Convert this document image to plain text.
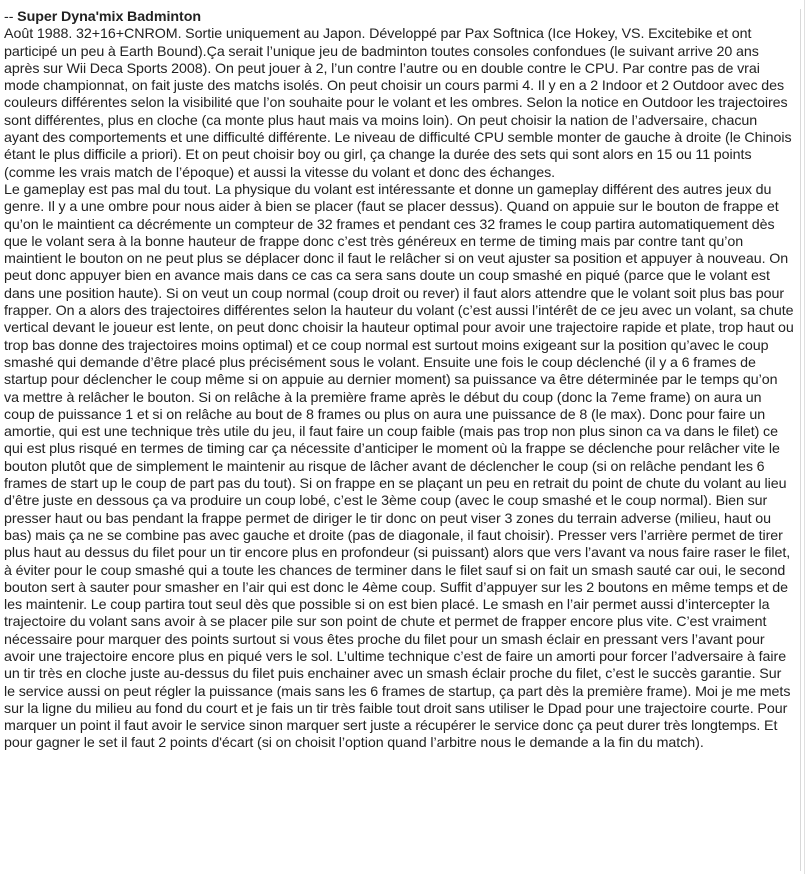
-- Super Dyna'mix Badminton

Août 1988. 32+16+CNROM. Sortie uniquement au Japon. Développé par Pax Softnica (Ice Hokey, VS. Excitebike et ont participé un peu à Earth Bound).Ça serait l’unique jeu de badminton toutes consoles confondues (le suivant arrive 20 ans après sur Wii Deca Sports 2008). On peut jouer à 2, l’un contre l’autre ou en double contre le CPU. Par contre pas de vrai mode championnat, on fait juste des matchs isolés. On peut choisir un cours parmi 4. Il y en a 2 Indoor et 2 Outdoor avec des couleurs différentes selon la visibilité que l’on souhaite pour le volant et les ombres. Selon la notice en Outdoor les trajectoires sont différentes, plus en cloche (ca monte plus haut mais va moins loin). On peut choisir la nation de l’adversaire, chacun ayant des comportements et une difficulté différente. Le niveau de difficulté CPU semble monter de gauche à droite (le Chinois étant le plus difficile a priori). Et on peut choisir boy ou girl, ça change la durée des sets qui sont alors en 15 ou 11 points (comme les vrais match de l’époque) et aussi la vitesse du volant et donc des échanges.

Le gameplay est pas mal du tout. La physique du volant est intéressante et donne un gameplay différent des autres jeux du genre. Il y a une ombre pour nous aider à bien se placer (faut se placer dessus). Quand on appuie sur le bouton de frappe et qu’on le maintient ca décrémente un compteur de 32 frames et pendant ces 32 frames le coup partira automatiquement dès que le volant sera à la bonne hauteur de frappe donc c’est très généreux en terme de timing mais par contre tant qu’on maintient le bouton on ne peut plus se déplacer donc il faut le relâcher si on veut ajuster sa position et appuyer à nouveau. On peut donc appuyer bien en avance mais dans ce cas ca sera sans doute un coup smashé en piqué (parce que le volant est dans une position haute). Si on veut un coup normal (coup droit ou rever) il faut alors attendre que le volant soit plus bas pour frapper. On a alors des trajectoires différentes selon la hauteur du volant (c’est aussi l’intérêt de ce jeu avec un volant, sa chute vertical devant le joueur est lente, on peut donc choisir la hauteur optimal pour avoir une trajectoire rapide et plate, trop haut ou trop bas donne des trajectoires moins optimal) et ce coup normal est surtout moins exigeant sur la position qu’avec le coup smashé qui demande d’être placé plus précisément sous le volant. Ensuite une fois le coup déclenché (il y a 6 frames de startup pour déclencher le coup même si on appuie au dernier moment) sa puissance va être déterminée par le temps qu’on va mettre à relâcher le bouton. Si on relâche à la première frame après le début du coup (donc la 7eme frame) on aura un coup de puissance 1 et si on relâche au bout de 8 frames ou plus on aura une puissance de 8 (le max). Donc pour faire un amortie, qui est une technique très utile du jeu, il faut faire un coup faible (mais pas trop non plus sinon ca va dans le filet) ce qui est plus risqué en termes de timing car ça nécessite d’anticiper le moment où la frappe se déclenche pour relâcher vite le bouton plutôt que de simplement le maintenir au risque de lâcher avant de déclencher le coup (si on relâche pendant les 6 frames de start up le coup de part pas du tout). Si on frappe en se plaçant un peu en retrait du point de chute du volant au lieu d’être juste en dessous ça va produire un coup lobé, c’est le 3ème coup (avec le coup smashé et le coup normal). Bien sur presser haut ou bas pendant la frappe permet de diriger le tir donc on peut viser 3 zones du terrain adverse (milieu, haut ou bas) mais ça ne se combine pas avec gauche et droite (pas de diagonale, il faut choisir). Presser vers l’arrière permet de tirer plus haut au dessus du filet pour un tir encore plus en profondeur (si puissant) alors que vers l’avant va nous faire raser le filet, à éviter pour le coup smashé qui a toute les chances de terminer dans le filet sauf si on fait un smash sauté car oui, le second bouton sert à sauter pour smasher en l’air qui est donc le 4ème coup. Suffit d’appuyer sur les 2 boutons en même temps et de les maintenir. Le coup partira tout seul dès que possible si on est bien placé. Le smash en l’air permet aussi d’intercepter la trajectoire du volant sans avoir à se placer pile sur son point de chute et permet de frapper encore plus vite. C’est vraiment nécessaire pour marquer des points surtout si vous êtes proche du filet pour un smash éclair en pressant vers l’avant pour avoir une trajectoire encore plus en piqué vers le sol. L’ultime technique c’est de faire un amorti pour forcer l’adversaire à faire un tir très en cloche juste au-dessus du filet puis enchainer avec un smash éclair proche du filet, c’est le succès garantie. Sur le service aussi on peut régler la puissance (mais sans les 6 frames de startup, ça part dès la première frame). Moi je me mets sur la ligne du milieu au fond du court et je fais un tir très faible tout droit sans utiliser le Dpad pour une trajectoire courte. Pour marquer un point il faut avoir le service sinon marquer sert juste a récupérer le service donc ça peut durer très longtemps. Et pour gagner le set il faut 2 points d'écart (si on choisit l’option quand l’arbitre nous le demande a la fin du match).
